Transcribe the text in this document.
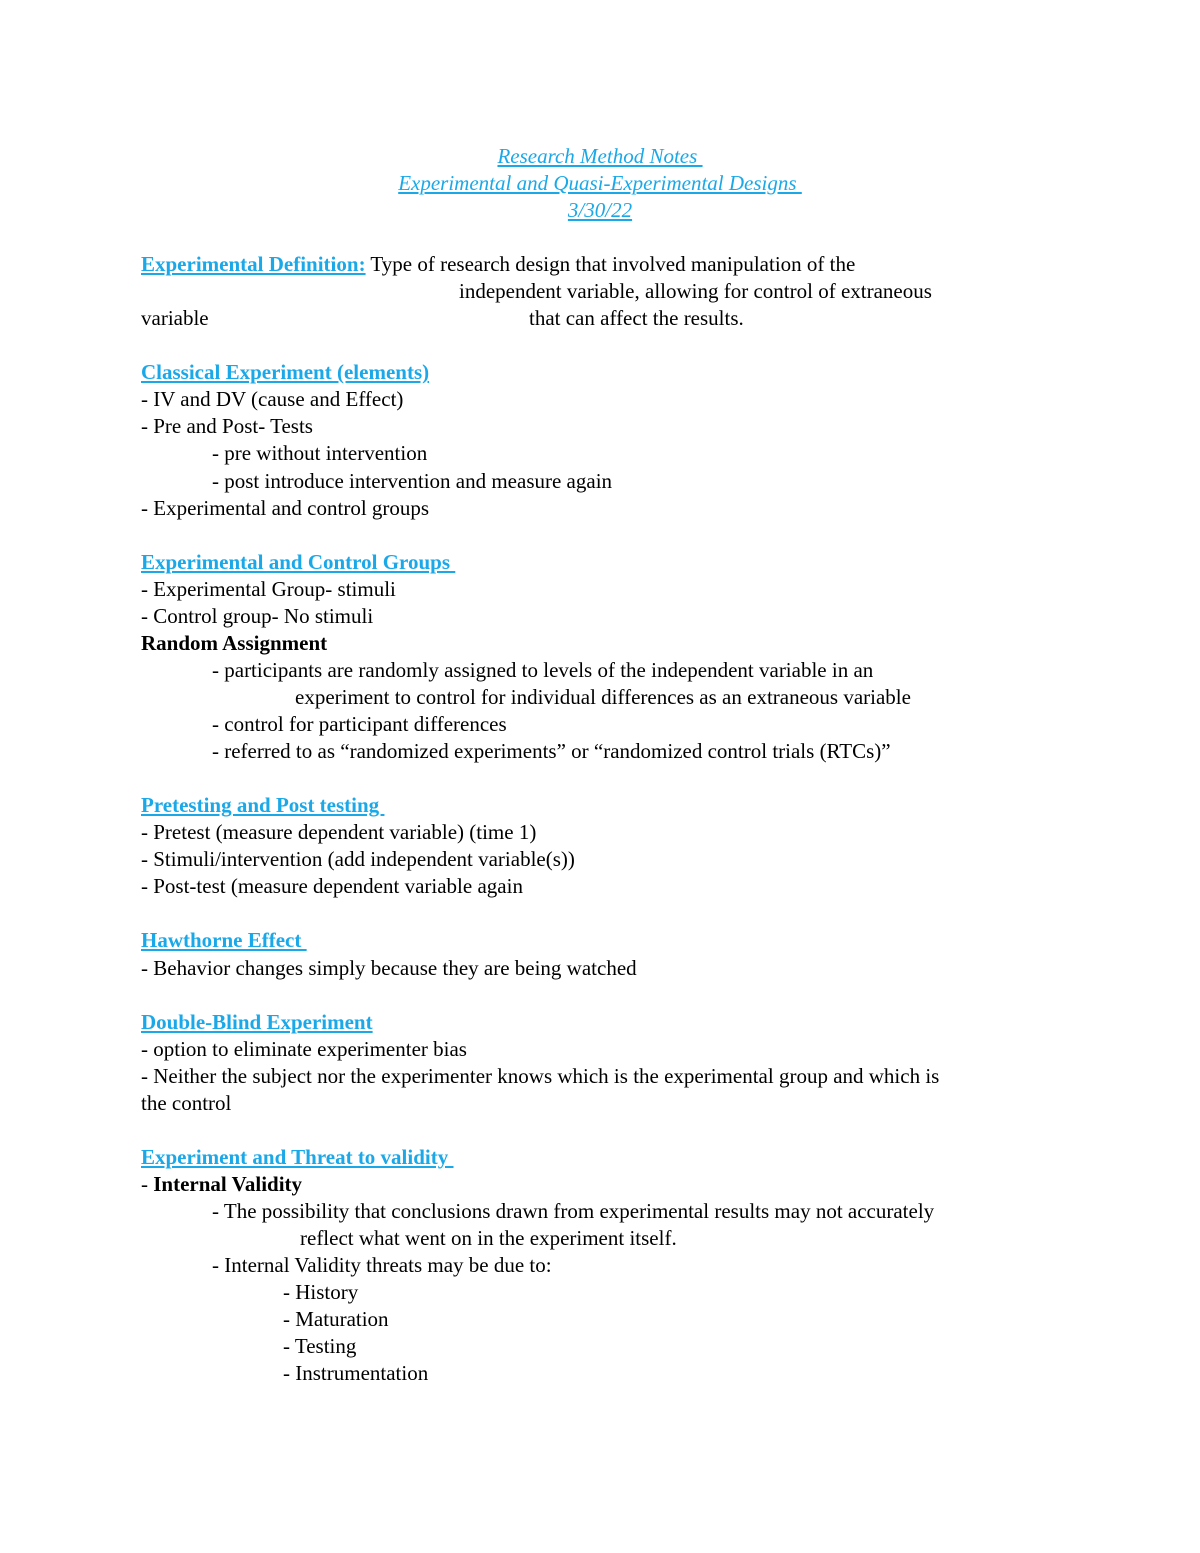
Research Method Notes
Experimental and Quasi-Experimental Designs
3/30/22
Experimental Definition: Type of research design that involved manipulation of the
independent variable, allowing for control of extraneous
variable	that can affect the results.
Classical Experiment (elements)
- IV and DV (cause and Effect)
- Pre and Post- Tests
- pre without intervention
- post introduce intervention and measure again
- Experimental and control groups
Experimental and Control Groups
- Experimental Group- stimuli
- Control group- No stimuli
Random Assignment
- participants are randomly assigned to levels of the independent variable in an
experiment to control for individual differences as an extraneous variable
- control for participant differences
- referred to as “randomized experiments” or “randomized control trials (RTCs)”
Pretesting and Post testing
- Pretest (measure dependent variable) (time 1)
- Stimuli/intervention (add independent variable(s))
- Post-test (measure dependent variable again
Hawthorne Effect
- Behavior changes simply because they are being watched
Double-Blind Experiment
- option to eliminate experimenter bias
- Neither the subject nor the experimenter knows which is the experimental group and which is
the control
Experiment and Threat to validity
- Internal Validity
- The possibility that conclusions drawn from experimental results may not accurately
reflect what went on in the experiment itself.
- Internal Validity threats may be due to:
- History
- Maturation
- Testing
- Instrumentation
